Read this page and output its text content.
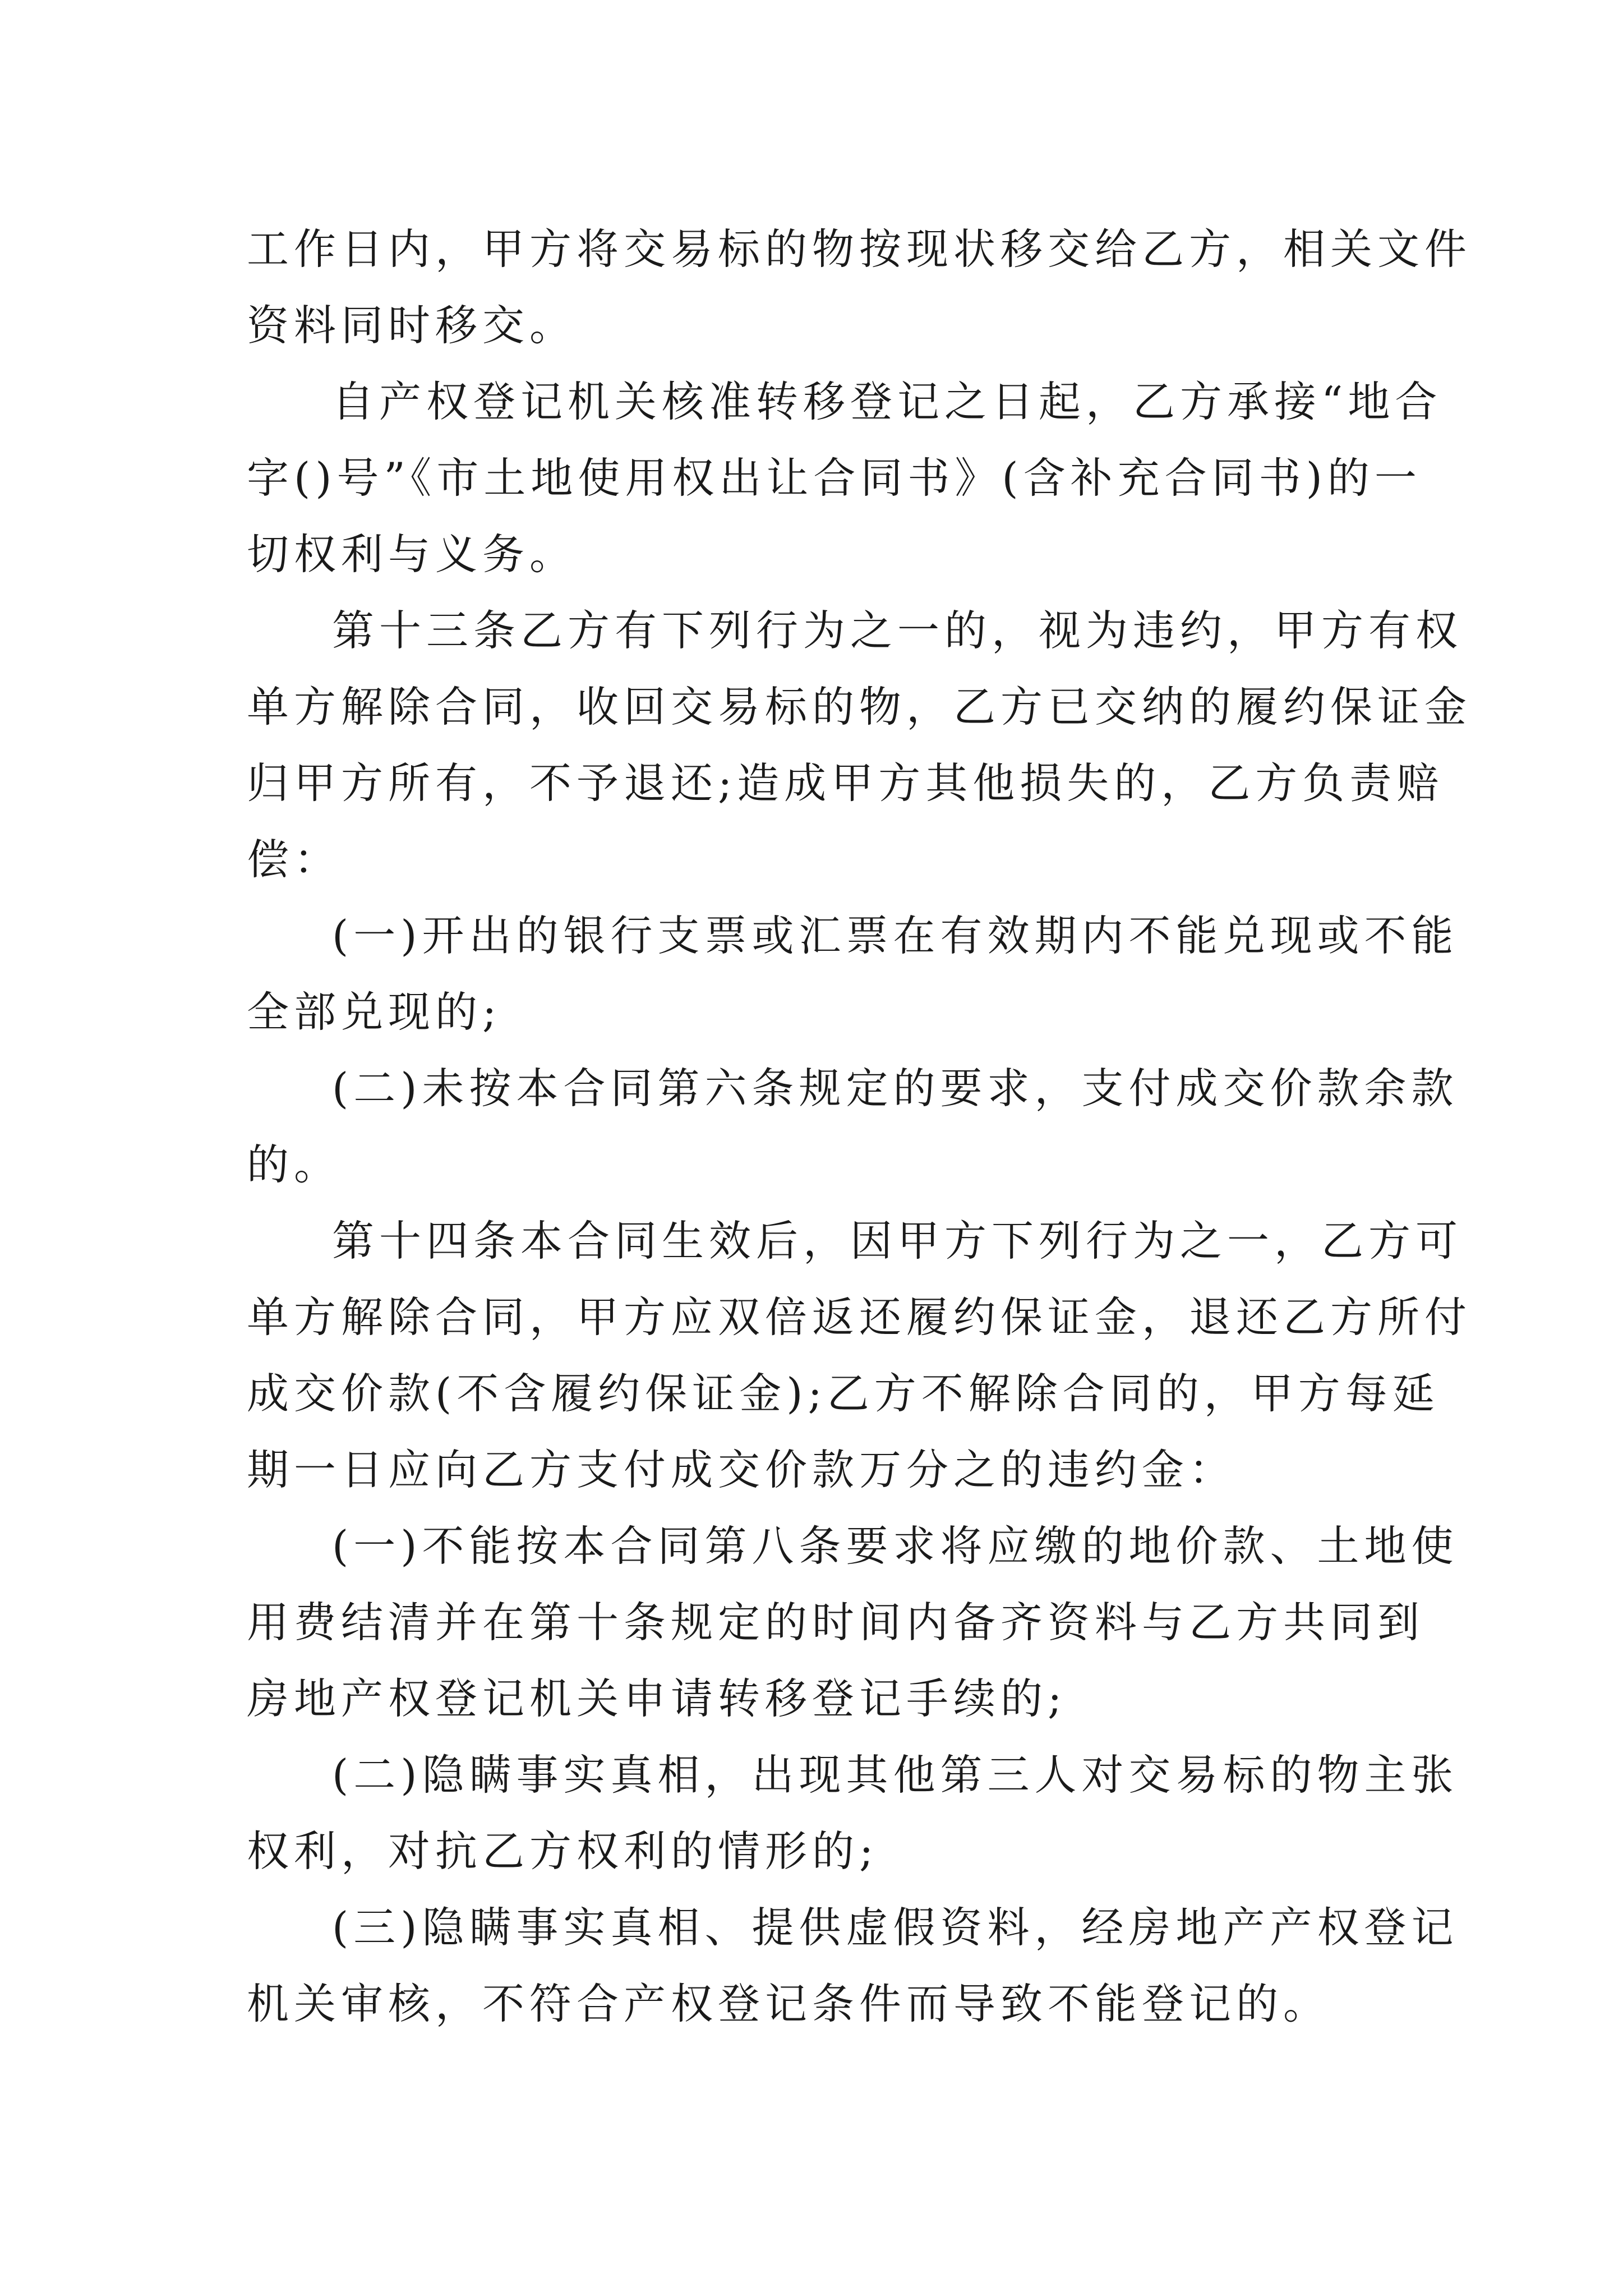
工作日内，甲方将交易标的物按现状移交给乙方，相关文件
资料同时移交。
自产权登记机关核准转移登记之日起，乙方承接“地合
字()号”《市土地使用权出让合同书》(含补充合同书)的一
切权利与义务。
第十三条乙方有下列行为之一的，视为违约，甲方有权
单方解除合同，收回交易标的物，乙方已交纳的履约保证金
归甲方所有，不予退还;造成甲方其他损失的，乙方负责赔
偿：
(一)开出的银行支票或汇票在有效期内不能兑现或不能
全部兑现的;
(二)未按本合同第六条规定的要求，支付成交价款余款
的。
第十四条本合同生效后，因甲方下列行为之一，乙方可
单方解除合同，甲方应双倍返还履约保证金，退还乙方所付
成交价款(不含履约保证金);乙方不解除合同的，甲方每延
期一日应向乙方支付成交价款万分之的违约金：
(一)不能按本合同第八条要求将应缴的地价款、土地使
用费结清并在第十条规定的时间内备齐资料与乙方共同到
房地产权登记机关申请转移登记手续的;
(二)隐瞒事实真相，出现其他第三人对交易标的物主张
权利，对抗乙方权利的情形的;
(三)隐瞒事实真相、提供虚假资料，经房地产产权登记
机关审核，不符合产权登记条件而导致不能登记的。
